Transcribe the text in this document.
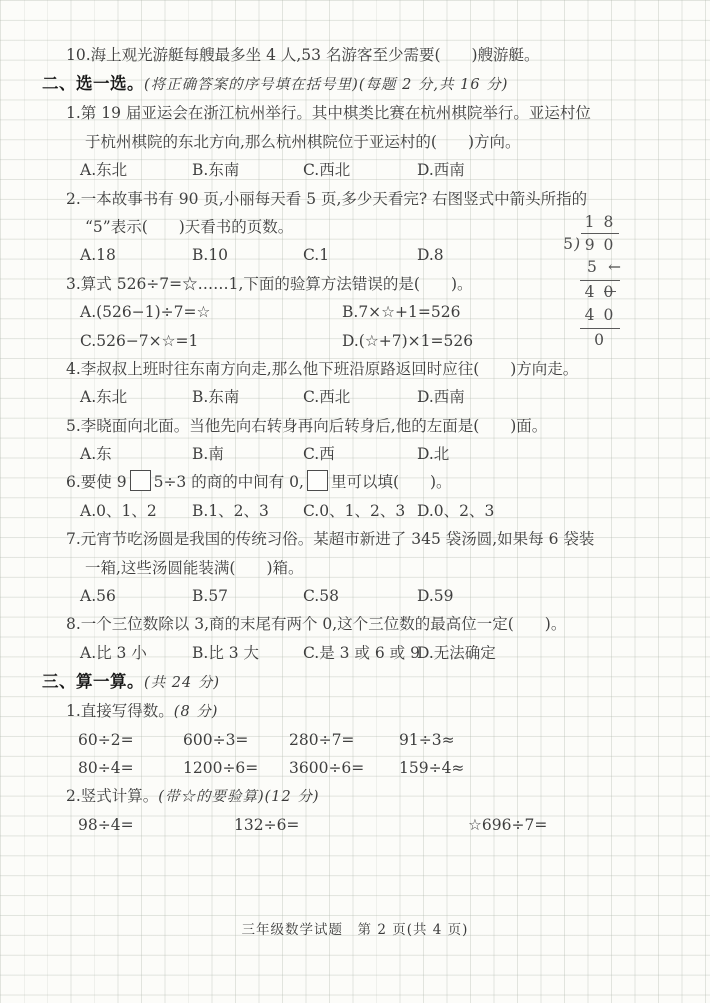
10.海上观光游艇每艘最多坐 4 人,53 名游客至少需要(　　)艘游艇。
二、选一选。(将正确答案的序号填在括号里)(每题 2 分,共 16 分)
1.第 19 届亚运会在浙江杭州举行。其中棋类比赛在杭州棋院举行。亚运村位
于杭州棋院的东北方向,那么杭州棋院位于亚运村的(　　)方向。
A.东北	B.东南	C.西北	D.西南
2.一本故事书有 90 页,小丽每天看 5 页,多少天看完? 右图竖式中箭头所指的
“5”表示(　　)天看书的页数。
A.18	B.10	C.1	D.8
3.算式 526÷7=☆……1,下面的验算方法错误的是(　　)。
A.(526−1)÷7=☆	B.7×☆+1=526
C.526−7×☆=1	D.(☆+7)×1=526
4.李叔叔上班时往东南方向走,那么他下班沿原路返回时应往(　　)方向走。
A.东北	B.东南	C.西北	D.西南
5.李晓面向北面。当他先向右转身再向后转身后,他的左面是(　　)面。
A.东	B.南	C.西	D.北
6.要使 9 5÷3 的商的中间有 0, 里可以填(　　)。
A.0、1、2	B.1、2、3	C.0、1、2、3 D.0、2、3
7.元宵节吃汤圆是我国的传统习俗。某超市新进了 345 袋汤圆,如果每 6 袋装
一箱,这些汤圆能装满(　　)箱。
A.56	B.57	C.58	D.59
8.一个三位数除以 3,商的末尾有两个 0,这个三位数的最高位一定(　　)。
A.比 3 小	B.比 3 大	C.是 3 或 6 或 9
D.无法确定
三、算一算。(共 24 分)
1.直接写得数。(8 分)
60÷2=	600÷3=	280÷7=	91÷3≈
80÷4=	1200÷6=	3600÷6=	159÷4≈
2.竖式计算。(带☆的要验算)(12 分)
98÷4=	132÷6=	☆696÷7=
1 8
5 ) 9 0
5 ←
4 0
4 0
0
三年级数学试题　第 2 页(共 4 页)
